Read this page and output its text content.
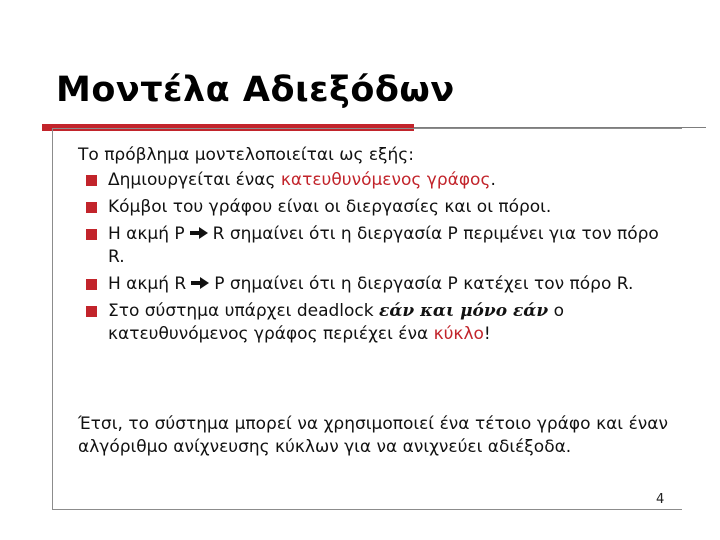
Μοντέλα Αδιεξόδων

Το πρόβλημα μοντελοποιείται ως εξής:

Δημιουργείται ένας κατευθυνόμενος γράφος.
Κόμβοι του γράφου είναι οι διεργασίες και οι πόροι.
Η ακμή P R σημαίνει ότι η διεργασία P περιμένει για τον πόρο R.
Η ακμή R P σημαίνει ότι η διεργασία P κατέχει τον πόρο R.
Στο σύστημα υπάρχει deadlock εάν και μόνο εάν ο κατευθυνόμενος γράφος περιέχει ένα κύκλο!

Έτσι, το σύστημα μπορεί να χρησιμοποιεί ένα τέτοιο γράφο και έναν αλγόριθμο ανίχνευσης κύκλων για να ανιχνεύει αδιέξοδα.

4
